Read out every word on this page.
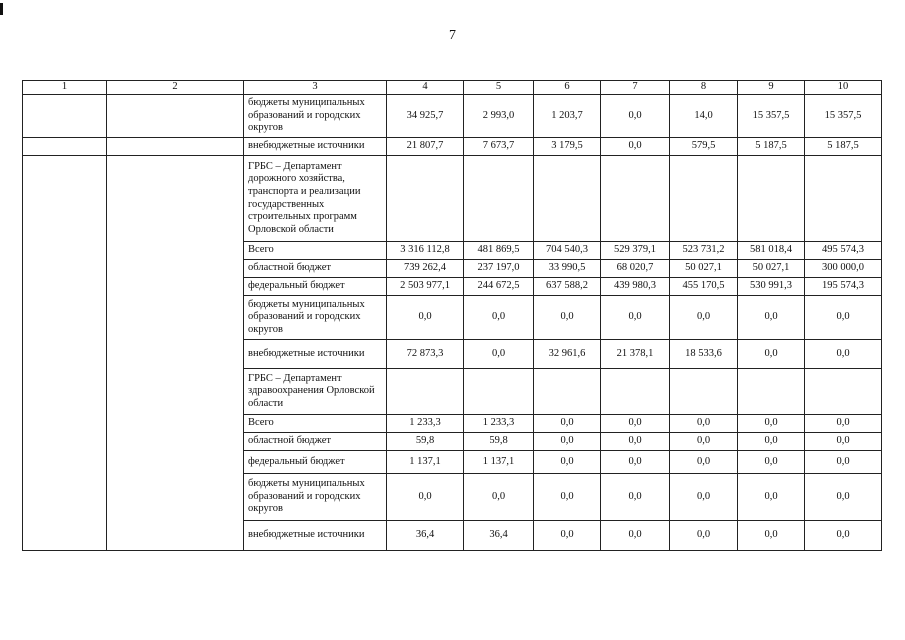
7
1	2	3	4	5	6	7	8	9	10
		бюджеты муниципальных образований и городских округов	34 925,7	2 993,0	1 203,7	0,0	14,0	15 357,5	15 357,5
		внебюджетные источники	21 807,7	7 673,7	3 179,5	0,0	579,5	5 187,5	5 187,5
		ГРБС – Департамент дорожного хозяйства, транспорта и реализации государственных строительных программ Орловской области							
		Всего	3 316 112,8	481 869,5	704 540,3	529 379,1	523 731,2	581 018,4	495 574,3
		областной бюджет	739 262,4	237 197,0	33 990,5	68 020,7	50 027,1	50 027,1	300 000,0
		федеральный бюджет	2 503 977,1	244 672,5	637 588,2	439 980,3	455 170,5	530 991,3	195 574,3
		бюджеты муниципальных образований и городских округов	0,0	0,0	0,0	0,0	0,0	0,0	0,0
		внебюджетные источники	72 873,3	0,0	32 961,6	21 378,1	18 533,6	0,0	0,0
		ГРБС – Департамент здравоохранения Орловской области							
		Всего	1 233,3	1 233,3	0,0	0,0	0,0	0,0	0,0
		областной бюджет	59,8	59,8	0,0	0,0	0,0	0,0	0,0
		федеральный бюджет	1 137,1	1 137,1	0,0	0,0	0,0	0,0	0,0
		бюджеты муниципальных образований и городских округов	0,0	0,0	0,0	0,0	0,0	0,0	0,0
		внебюджетные источники	36,4	36,4	0,0	0,0	0,0	0,0	0,0
